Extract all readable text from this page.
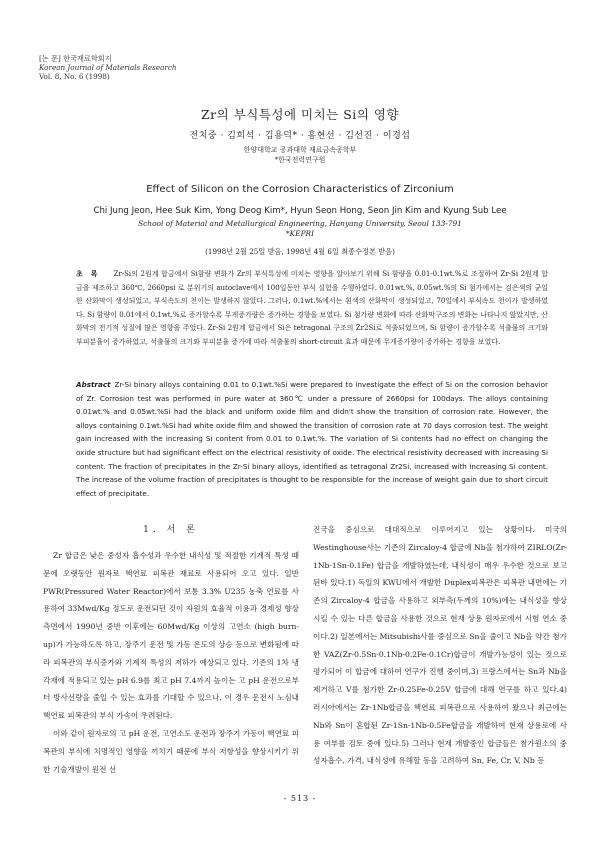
[논 문] 한국재료학회지
Korean Journal of Materials Research
Vol. 8, No. 6 (1998)
Zr의 부식특성에 미치는 Si의 영향
전치중 · 김희석 · 김용덕* · 홍현선 · 김선진 · 이경섭
한양대학교 공과대학 재료금속공학부
*한국전력연구원
Effect of Silicon on the Corrosion Characteristics of Zirconium
Chi Jung Jeon, Hee Suk Kim, Yong Deog Kim*, Hyun Seon Hong, Seon Jin Kim and Kyung Sub Lee
School of Material and Metallurgical Engineering, Hanyang University, Seoul 133-791
*KEPRI
(1998년 2월 25일 받음, 1998년 4월 6일 최종수정본 받음)

초록 Zr-Si의 2원계 합금에서 Si함량 변화가 Zr의 부식특성에 미치는 영향을 알아보기 위해 Si 함량을 0.01-0.1wt.%로 조절하여 Zr-Si 2원계 합금을 제조하고 360℃, 2660psi 로 분위기의 autoclave에서 100일동안 부식 실험을 수행하였다. 0.01wt.%, 0.05wt.%의 Si 첨가에서는 검은색의 균일한 산화막이 생성되었고, 부식속도의 천이는 발생하지 않았다. 그러나, 0.1wt.%에서는 흰색의 산화막이 생성되었고, 70일에서 부식속도 천이가 발생하였다. Si 함량이 0.01에서 0.1wt.%로 증가할수록 무게증가량은 증가하는 경향을 보였다. Si 첨가량 변화에 따라 산화막구조의 변화는 나타나지 않았지만, 산화막의 전기적 성질에 많은 영향을 주었다. Zr-Si 2원계 합금에서 Si은 tetragonal 구조의 Zr2Si로 석출되었으며, Si 함량이 증가할수록 석출물의 크기와 부피분율이 증가하였고, 석출물의 크기와 부피분율 증가에 따라 석출물의 short-circuit 효과 때문에 무게증가량이 증가하는 경향을 보였다.

Abstract Zr-Si binary alloys containing 0.01 to 0.1wt.%Si were prepared to investigate the effect of Si on the corrosion behavior of Zr. Corrosion test was performed in pure water at 360℃ under a pressure of 2660psi for 100days. The alloys containing 0.01wt.% and 0.05wt.%Si had the black and uniform oxide film and didn't show the transition of corrosion rate. However, the alloys containing 0.1wt.%Si had white oxide film and showed the transition of corrosion rate at 70 days corrosion test. The weight gain increased with the increasing Si content from 0.01 to 0.1wt.%. The variation of Si contents had no effect on changing the oxide structure but had significant effect on the electrical resistivity of oxide. The electrical resistivity decreased with increasing Si content. The fraction of precipitates in the Zr-Si binary alloys, identified as tetragonal Zr2Si, increased with increasing Si content. The increase of the volume fraction of precipitates is thought to be responsible for the increase of weight gain due to short circuit effect of precipitate.

1. 서 론

Zr 합금은 낮은 중성자 흡수성과 우수한 내식성 및 적절한 기계적 특성 때문에 오랫동안 원자로 핵연료 피복관 재료로 사용되어 오고 있다. 일반 PWR(Pressured Water Reactor)에서 보통 3.3% U235 농축 연료를 사용하여 33Mwd/Kg 정도로 운전되던 것이 자원의 효율적 이용과 경제성 향상 측면에서 1990년 중반 이후에는 60Mwd/Kg 이상의 고연소 (high burn-up)가 가능하도록 하고, 장주기 운전 및 가동 온도의 상승 등으로 변화됨에 따라 피복관의 부식증가와 기계적 특성의 저하가 예상되고 있다. 기존의 1차 냉각재에 적용되고 있는 pH 6.9를 최고 pH 7.4까지 높이는 고 pH 운전으로부터 방사선량을 줄일 수 있는 효과를 기대할 수 있으나, 이 경우 운전시 노심내 핵연료 피복관의 부식 가속이 우려된다.

이와 같이 원자로의 고 pH 운전, 고연소도 운전과 장주기 가동이 핵연료 피복관의 부식에 치명적인 영향을 끼치기 때문에 부식 저항성을 향상시키기 위한 기술개발이 원전 선

진국을 중심으로 대대적으로 이루어지고 있는 상황이다. 미국의 Westinghouse사는 기존의 Zircaloy-4 합금에 Nb을 첨가하여 ZIRLO(Zr-1Nb-1Sn-0.1Fe) 합금을 개발하였는데, 내식성이 매우 우수한 것으로 보고된바 있다.1) 독일의 KWU에서 개발한 Duplex피복관은 피복관 내면에는 기존의 Zircaloy-4 합금을 사용하고 외부측(두께의 10%)에는 내식성을 향상시킬 수 있는 다른 합금을 사용한 것으로 현재 상용 원자로에서 시험 연소 중이다.2) 일본에서는 Mitsubishi사를 중심으로 Sn을 줄이고 Nb을 약간 첨가한 VAZ(Zr-0.5Sn-0.1Nb-0.2Fe-0.1Cr)합금이 개발가능성이 있는 것으로 평가되어 이 합금에 대하여 연구가 진행 중이며,3) 프랑스에서는 Sn과 Nb을 제거하고 V를 첨가한 Zr-0.25Fe-0.25V 합금에 대해 연구를 하고 있다.4) 러시아에서는 Zr-1Nb합금을 핵연료 피복관으로 사용하여 왔으나 최근에는 Nb와 Sn이 혼합된 Zr-1Sn-1Nb-0.5Fe합금을 개발하여 현재 상용로에 사용 여부를 검토 중에 있다.5) 그러나 현재 개발중인 합금들은 첨가원소의 중성자흡수, 가격, 내식성에 유해할 등을 고려하여 Sn, Fe, Cr, V, Nb 등

- 513 -
